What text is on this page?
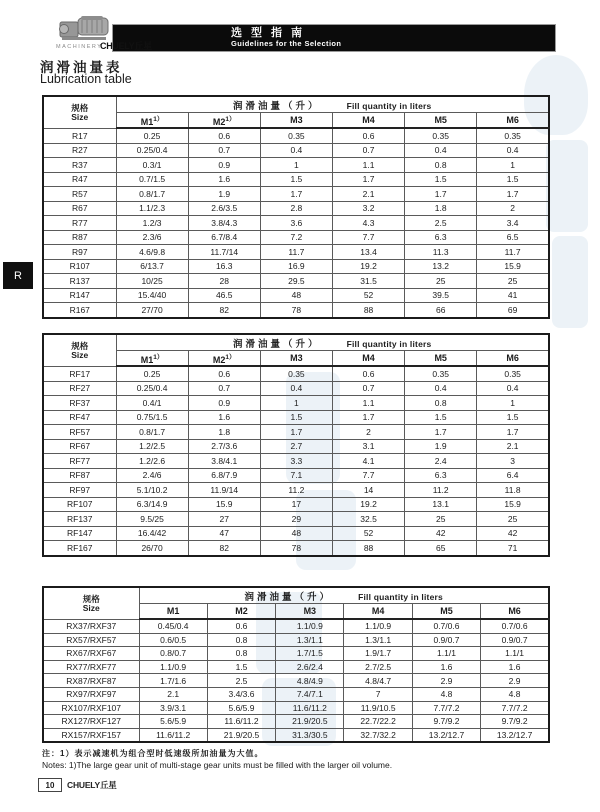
MACHINERY
CHUELY丘星
选型指南
Guidelines for the Selection
润滑油量表
Lubrication table
R
规格
Size	润滑油量（升） Fill quantity in liters					
	$M1^{1)}$	$M2^{1)}$	M3	M4	M5	M6
R17	0.25	0.6	0.35	0.6	0.35	0.35
R27	0.25/0.4	0.7	0.4	0.7	0.4	0.4
R37	0.3/1	0.9	1	1.1	0.8	1
R47	0.7/1.5	1.6	1.5	1.7	1.5	1.5
R57	0.8/1.7	1.9	1.7	2.1	1.7	1.7
R67	1.1/2.3	2.6/3.5	2.8	3.2	1.8	2
R77	1.2/3	3.8/4.3	3.6	4.3	2.5	3.4
R87	2.3/6	6.7/8.4	7.2	7.7	6.3	6.5
R97	4.6/9.8	11.7/14	11.7	13.4	11.3	11.7
R107	6/13.7	16.3	16.9	19.2	13.2	15.9
R137	10/25	28	29.5	31.5	25	25
R147	15.4/40	46.5	48	52	39.5	41
R167	27/70	82	78	88	66	69
规格
Size	润滑油量（升） Fill quantity in liters					
	$M1^{1)}$	$M2^{1)}$	M3	M4	M5	M6
RF17	0.25	0.6	0.35	0.6	0.35	0.35
RF27	0.25/0.4	0.7	0.4	0.7	0.4	0.4
RF37	0.4/1	0.9	1	1.1	0.8	1
RF47	0.75/1.5	1.6	1.5	1.7	1.5	1.5
RF57	0.8/1.7	1.8	1.7	2	1.7	1.7
RF67	1.2/2.5	2.7/3.6	2.7	3.1	1.9	2.1
RF77	1.2/2.6	3.8/4.1	3.3	4.1	2.4	3
RF87	2.4/6	6.8/7.9	7.1	7.7	6.3	6.4
RF97	5.1/10.2	11.9/14	11.2	14	11.2	11.8
RF107	6.3/14.9	15.9	17	19.2	13.1	15.9
RF137	9.5/25	27	29	32.5	25	25
RF147	16.4/42	47	48	52	42	42
RF167	26/70	82	78	88	65	71
规格
Size	润滑油量（升） Fill quantity in liters					
	M1	M2	M3	M4	M5	M6
RX37/RXF37	0.45/0.4	0.6	1.1/0.9	1.1/0.9	0.7/0.6	0.7/0.6
RX57/RXF57	0.6/0.5	0.8	1.3/1.1	1.3/1.1	0.9/0.7	0.9/0.7
RX67/RXF67	0.8/0.7	0.8	1.7/1.5	1.9/1.7	1.1/1	1.1/1
RX77/RXF77	1.1/0.9	1.5	2.6/2.4	2.7/2.5	1.6	1.6
RX87/RXF87	1.7/1.6	2.5	4.8/4.9	4.8/4.7	2.9	2.9
RX97/RXF97	2.1	3.4/3.6	7.4/7.1	7	4.8	4.8
RX107/RXF107	3.9/3.1	5.6/5.9	11.6/11.2	11.9/10.5	7.7/7.2	7.7/7.2
RX127/RXF127	5.6/5.9	11.6/11.2	21.9/20.5	22.7/22.2	9.7/9.2	9.7/9.2
RX157/RXF157	11.6/11.2	21.9/20.5	31.3/30.5	32.7/32.2	13.2/12.7	13.2/12.7
注：1）表示减速机为组合型时低速级所加油量为大值。
Notes: 1)The large gear unit of multi-stage gear units must be filled with the larger oil volume.
10	CHUELY丘星
